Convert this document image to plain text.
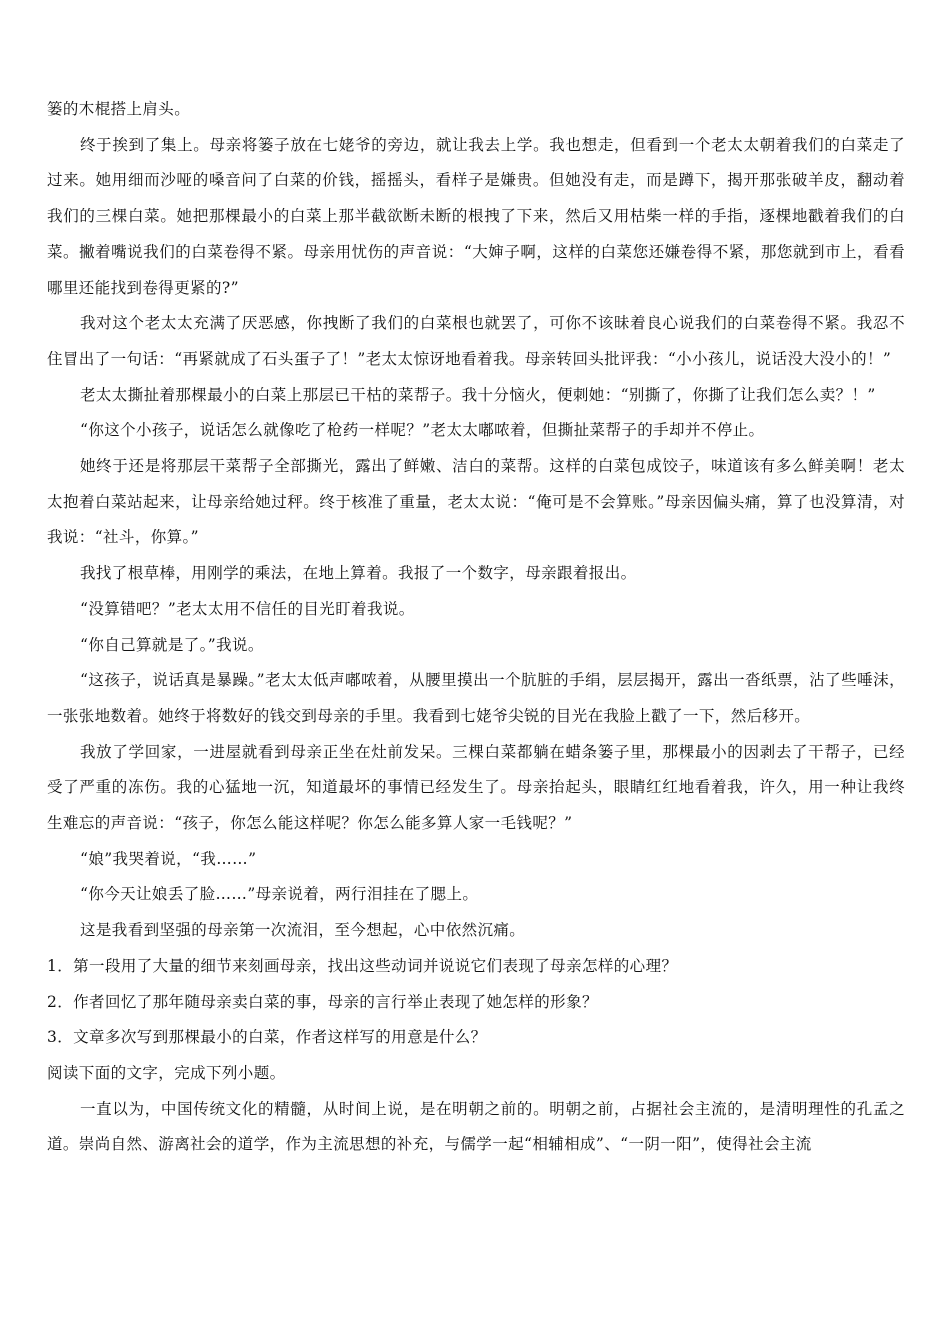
篓的木棍搭上肩头。

终于挨到了集上。母亲将篓子放在七姥爷的旁边，就让我去上学。我也想走，但看到一个老太太朝着我们的白菜走了过来。她用细而沙哑的嗓音问了白菜的价钱，摇摇头，看样子是嫌贵。但她没有走，而是蹲下，揭开那张破羊皮，翻动着我们的三棵白菜。她把那棵最小的白菜上那半截欲断未断的根拽了下来，然后又用枯柴一样的手指，逐棵地戳着我们的白菜。撇着嘴说我们的白菜卷得不紧。母亲用忧伤的声音说：“大婶子啊，这样的白菜您还嫌卷得不紧，那您就到市上，看看哪里还能找到卷得更紧的?”

我对这个老太太充满了厌恶感，你拽断了我们的白菜根也就罢了，可你不该昧着良心说我们的白菜卷得不紧。我忍不住冒出了一句话：“再紧就成了石头蛋子了！”老太太惊讶地看着我。母亲转回头批评我：“小小孩儿，说话没大没小的！”

老太太撕扯着那棵最小的白菜上那层已干枯的菜帮子。我十分恼火，便刺她：“别撕了，你撕了让我们怎么卖？！”

“你这个小孩子，说话怎么就像吃了枪药一样呢？”老太太嘟哝着，但撕扯菜帮子的手却并不停止。

她终于还是将那层干菜帮子全部撕光，露出了鲜嫩、洁白的菜帮。这样的白菜包成饺子，味道该有多么鲜美啊！老太太抱着白菜站起来，让母亲给她过秤。终于核准了重量，老太太说：“俺可是不会算账。”母亲因偏头痛，算了也没算清，对我说：“社斗，你算。”

我找了根草棒，用刚学的乘法，在地上算着。我报了一个数字，母亲跟着报出。

“没算错吧？”老太太用不信任的目光盯着我说。

“你自己算就是了。”我说。

“这孩子，说话真是暴躁。”老太太低声嘟哝着，从腰里摸出一个肮脏的手绢，层层揭开，露出一沓纸票，沾了些唾沫，一张张地数着。她终于将数好的钱交到母亲的手里。我看到七姥爷尖锐的目光在我脸上戳了一下，然后移开。

我放了学回家，一进屋就看到母亲正坐在灶前发呆。三棵白菜都躺在蜡条篓子里，那棵最小的因剥去了干帮子，已经受了严重的冻伤。我的心猛地一沉，知道最坏的事情已经发生了。母亲抬起头，眼睛红红地看着我，许久，用一种让我终生难忘的声音说：“孩子，你怎么能这样呢？你怎么能多算人家一毛钱呢？”

“娘”我哭着说，“我……”

“你今天让娘丢了脸……”母亲说着，两行泪挂在了腮上。

这是我看到坚强的母亲第一次流泪，至今想起，心中依然沉痛。

1．第一段用了大量的细节来刻画母亲，找出这些动词并说说它们表现了母亲怎样的心理？

2．作者回忆了那年随母亲卖白菜的事，母亲的言行举止表现了她怎样的形象？

3．文章多次写到那棵最小的白菜，作者这样写的用意是什么？

阅读下面的文字，完成下列小题。

一直以为，中国传统文化的精髓，从时间上说，是在明朝之前的。明朝之前，占据社会主流的，是清明理性的孔孟之道。崇尚自然、游离社会的道学，作为主流思想的补充，与儒学一起“相辅相成”、“一阴一阳”，使得社会主流
